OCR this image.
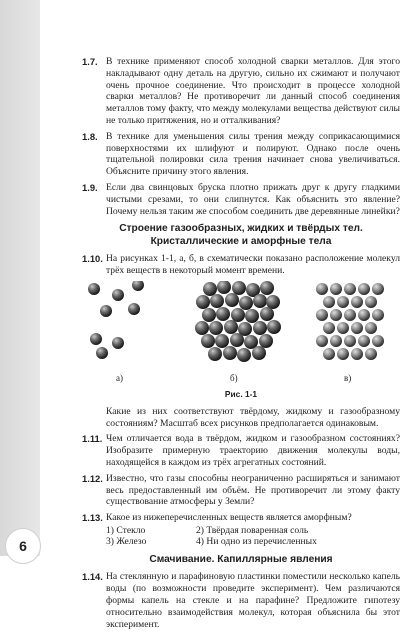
6
1.7. В технике применяют способ холодной сварки металлов. Для этого накладывают одну деталь на другую, сильно их сжимают и получают очень прочное соединение. Что происходит в процессе холодной сварки металлов? Не противоречит ли данный способ соединения металлов тому факту, что между молекулами вещества действуют силы не только притяжения, но и отталкивания?
1.8. В технике для уменьшения силы трения между соприкасающимися поверхностями их шлифуют и полируют. Однако после очень тщательной полировки сила трения начинает снова увеличиваться. Объясните причину этого явления.
1.9. Если два свинцовых бруска плотно прижать друг к другу гладкими чистыми срезами, то они слипнутся. Как объяснить это явление? Почему нельзя таким же способом соединить две деревянные линейки?
Строение газообразных, жидких и твёрдых тел.
Кристаллические и аморфные тела
1.10. На рисунках 1-1, а, б, в схематически показано расположение молекул трёх веществ в некоторый момент времени.
а)	б)	в)
Рис. 1-1
Какие из них соответствуют твёрдому, жидкому и газообразному состояниям? Масштаб всех рисунков предполагается одинаковым.
1.11. Чем отличается вода в твёрдом, жидком и газообразном состояниях? Изобразите примерную траекторию движения молекулы воды, находящейся в каждом из трёх агрегатных состояний.
1.12. Известно, что газы способны неограниченно расширяться и занимают весь предоставленный им объём. Не противоречит ли этому факту существование атмосферы у Земли?
1.13. Какое из нижеперечисленных веществ является аморфным?
1) Стекло	2) Твёрдая поваренная соль
3) Железо	4) Ни одно из перечисленных
Смачивание. Капиллярные явления
1.14. На стеклянную и парафиновую пластинки поместили несколько капель воды (по возможности проведите эксперимент). Чем различаются формы капель на стекле и на парафине? Предложите гипотезу относительно взаимодействия молекул, которая объяснила бы этот эксперимент.
